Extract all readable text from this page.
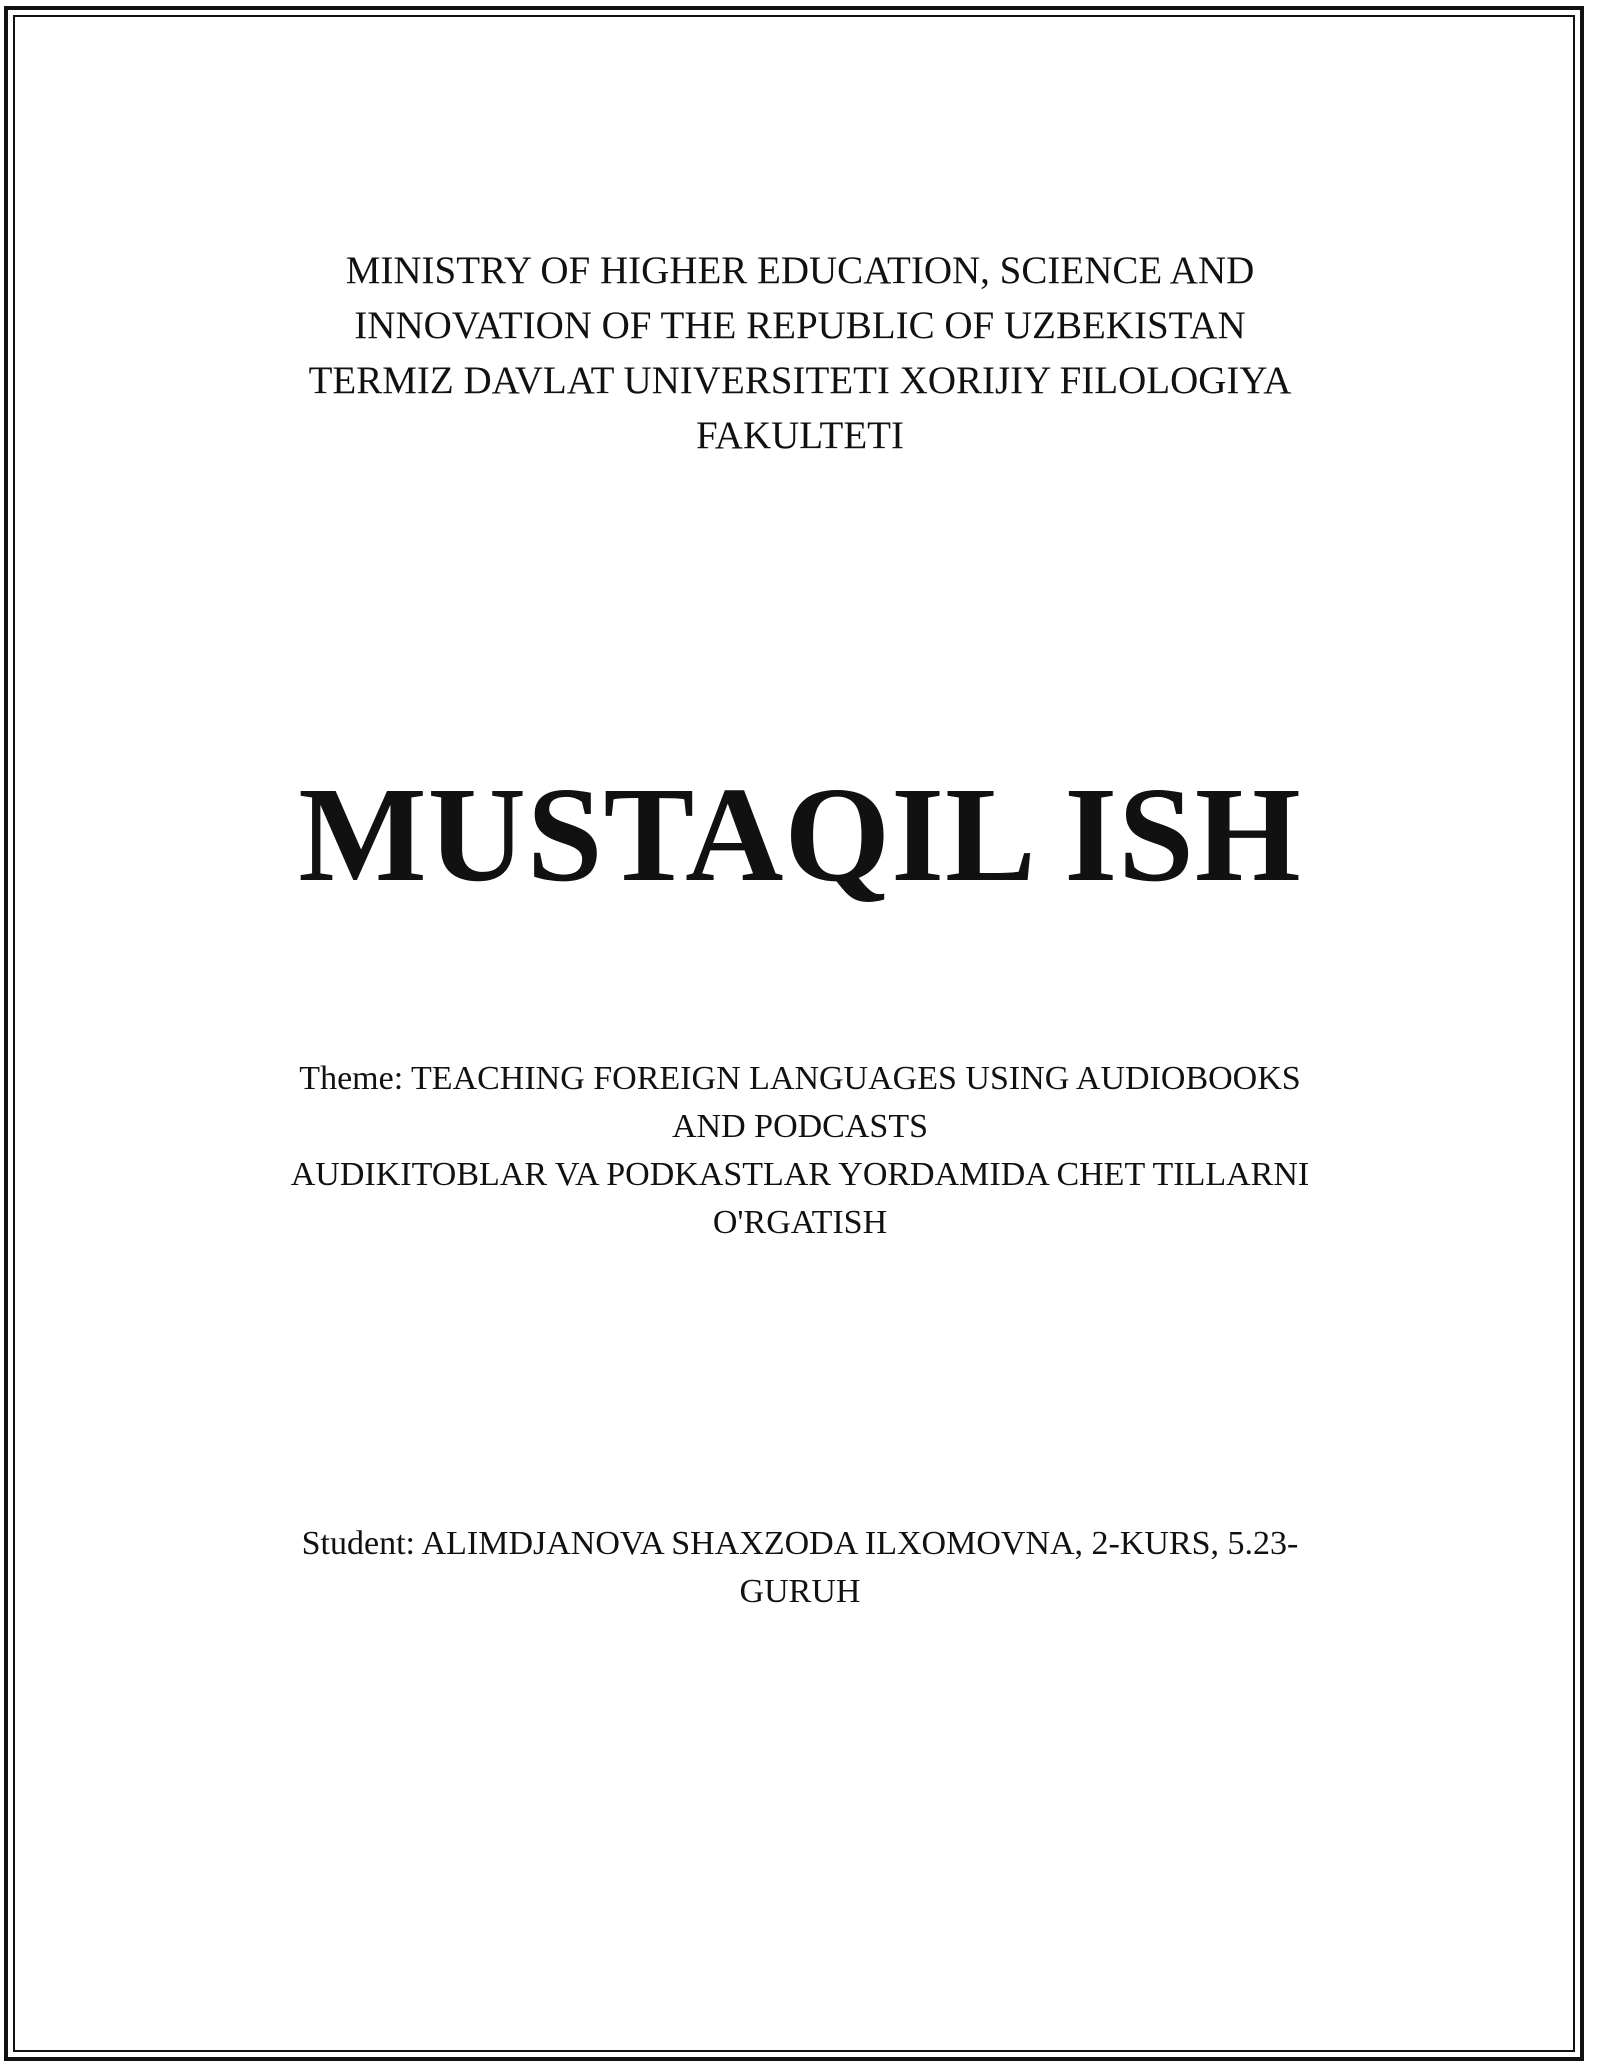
MINISTRY OF HIGHER EDUCATION, SCIENCE AND
INNOVATION OF THE REPUBLIC OF UZBEKISTAN
TERMIZ DAVLAT UNIVERSITETI XORIJIY FILOLOGIYA
FAKULTETI
MUSTAQIL ISH
Theme: TEACHING FOREIGN LANGUAGES USING AUDIOBOOKS
AND PODCASTS
AUDIKITOBLAR VA PODKASTLAR YORDAMIDA CHET TILLARNI
O'RGATISH
Student: ALIMDJANOVA SHAXZODA ILXOMOVNA, 2-KURS, 5.23-
GURUH
